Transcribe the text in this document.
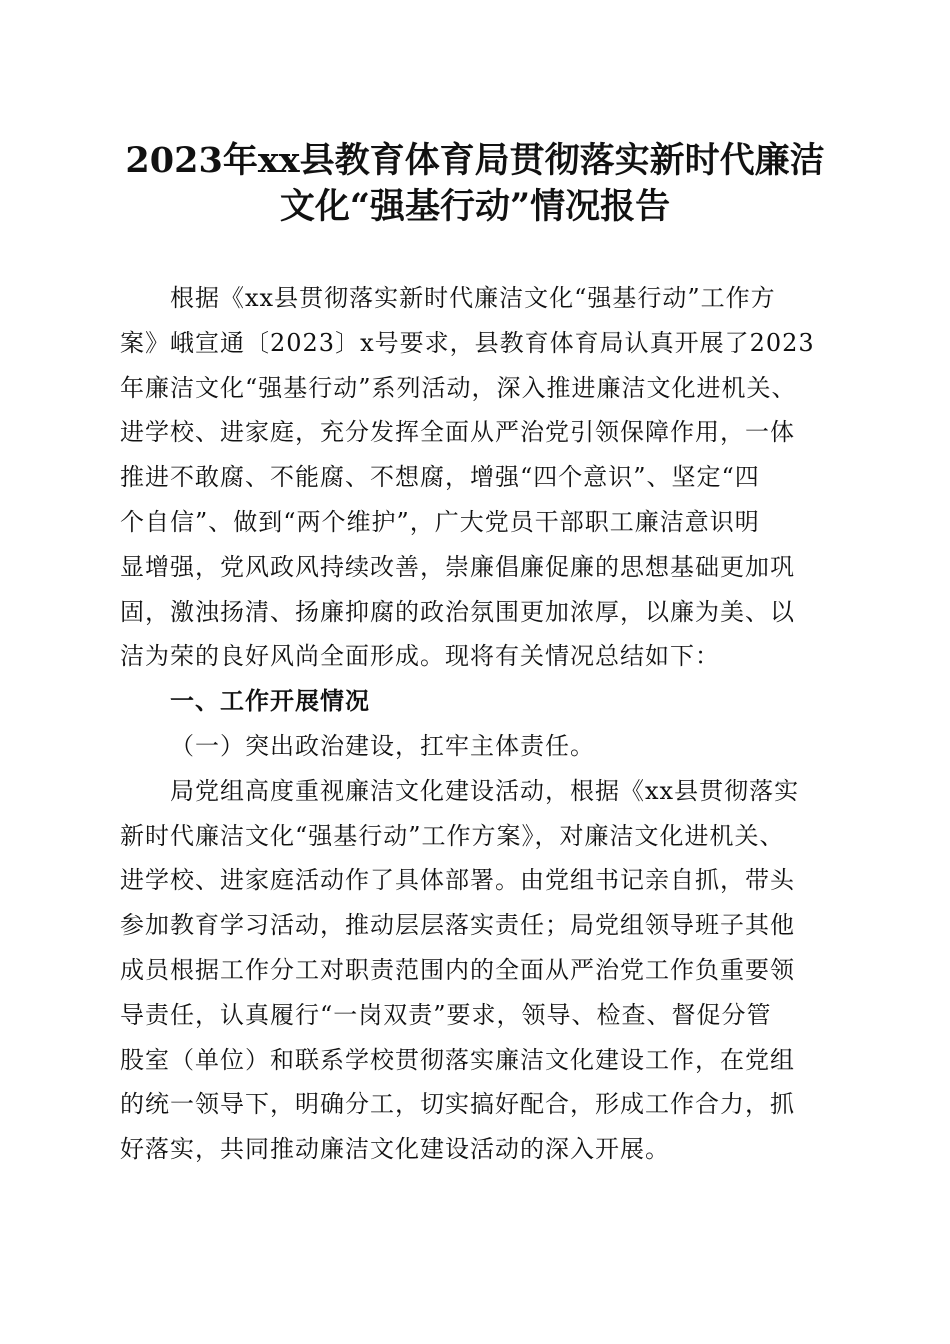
2023年xx县教育体育局贯彻落实新时代廉洁
文化“强基行动”情况报告
根据《xx县贯彻落实新时代廉洁文化“强基行动”工作方
案》峨宣通〔2023〕x号要求，县教育体育局认真开展了2023
年廉洁文化“强基行动”系列活动，深入推进廉洁文化进机关、
进学校、进家庭，充分发挥全面从严治党引领保障作用，一体
推进不敢腐、不能腐、不想腐，增强“四个意识”、坚定“四
个自信”、做到“两个维护”，广大党员干部职工廉洁意识明
显增强，党风政风持续改善，崇廉倡廉促廉的思想基础更加巩
固，激浊扬清、扬廉抑腐的政治氛围更加浓厚，以廉为美、以
洁为荣的良好风尚全面形成。现将有关情况总结如下：
一、工作开展情况
（一）突出政治建设，扛牢主体责任。
局党组高度重视廉洁文化建设活动，根据《xx县贯彻落实
新时代廉洁文化“强基行动”工作方案》，对廉洁文化进机关、
进学校、进家庭活动作了具体部署。由党组书记亲自抓，带头
参加教育学习活动，推动层层落实责任；局党组领导班子其他
成员根据工作分工对职责范围内的全面从严治党工作负重要领
导责任，认真履行“一岗双责”要求，领导、检查、督促分管
股室（单位）和联系学校贯彻落实廉洁文化建设工作，在党组
的统一领导下，明确分工，切实搞好配合，形成工作合力，抓
好落实，共同推动廉洁文化建设活动的深入开展。
